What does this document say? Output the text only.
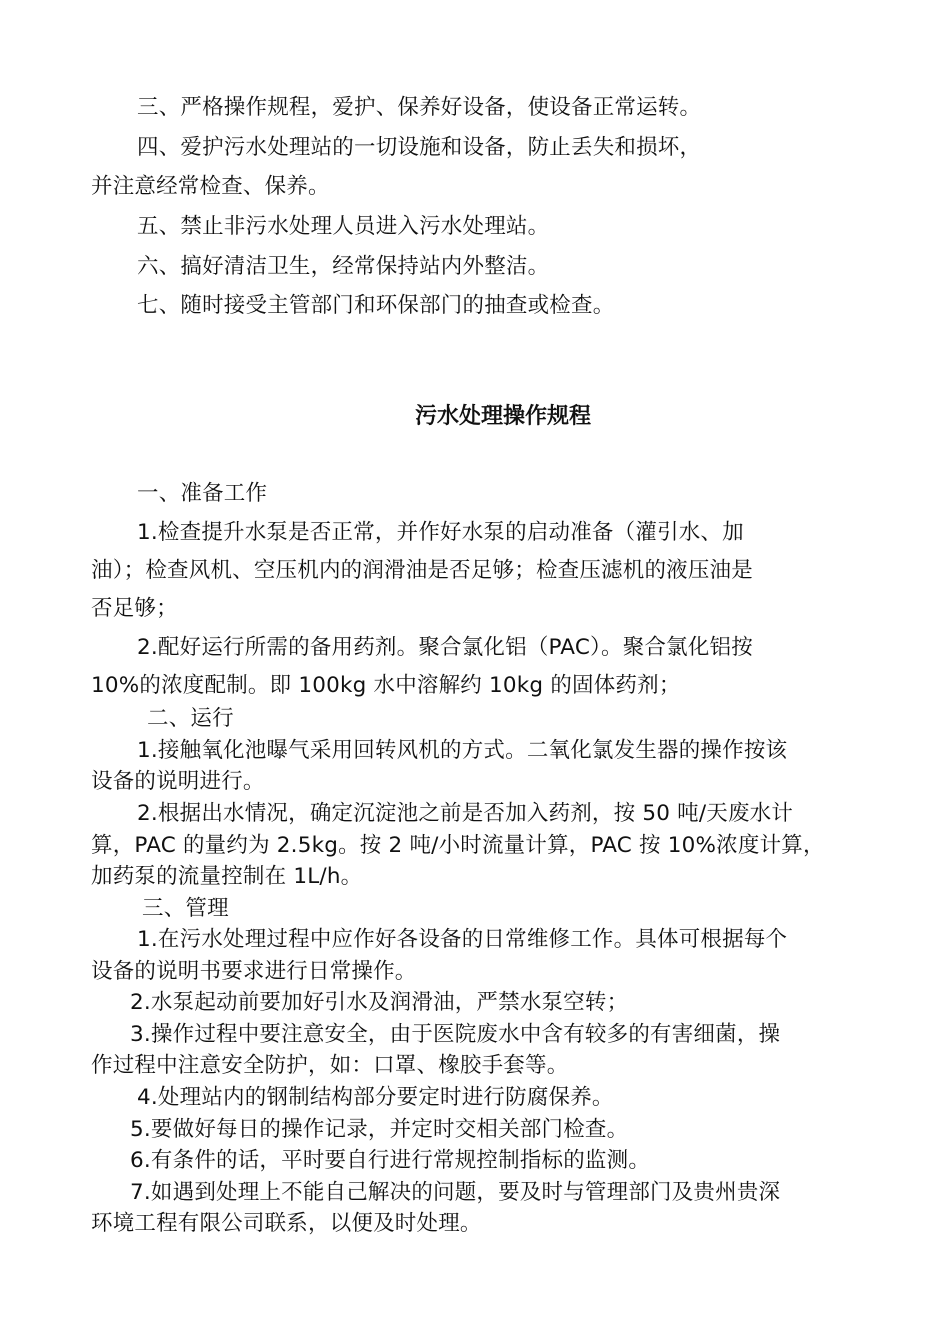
三、严格操作规程，爱护、保养好设备，使设备正常运转。
四、爱护污水处理站的一切设施和设备，防止丢失和损坏，
并注意经常检查、保养。
五、禁止非污水处理人员进入污水处理站。
六、搞好清洁卫生，经常保持站内外整洁。
七、随时接受主管部门和环保部门的抽查或检查。
污水处理操作规程
一、准备工作
1.检查提升水泵是否正常，并作好水泵的启动准备（灌引水、加
油）；检查风机、空压机内的润滑油是否足够；检查压滤机的液压油是
否足够；
2.配好运行所需的备用药剂。聚合氯化铝（PAC）。聚合氯化铝按
10%的浓度配制。即 100kg 水中溶解约 10kg 的固体药剂；
二、运行
1.接触氧化池曝气采用回转风机的方式。二氧化氯发生器的操作按该
设备的说明进行。
2.根据出水情况，确定沉淀池之前是否加入药剂，按 50 吨/天废水计
算，PAC 的量约为 2.5kg。按 2 吨/小时流量计算，PAC 按 10%浓度计算，
加药泵的流量控制在 1L/h。
三、管理
1.在污水处理过程中应作好各设备的日常维修工作。具体可根据每个
设备的说明书要求进行日常操作。
2.水泵起动前要加好引水及润滑油，严禁水泵空转；
3.操作过程中要注意安全，由于医院废水中含有较多的有害细菌，操
作过程中注意安全防护，如：口罩、橡胶手套等。
4.处理站内的钢制结构部分要定时进行防腐保养。
5.要做好每日的操作记录，并定时交相关部门检查。
6.有条件的话，平时要自行进行常规控制指标的监测。
7.如遇到处理上不能自己解决的问题，要及时与管理部门及贵州贵深
环境工程有限公司联系，以便及时处理。
